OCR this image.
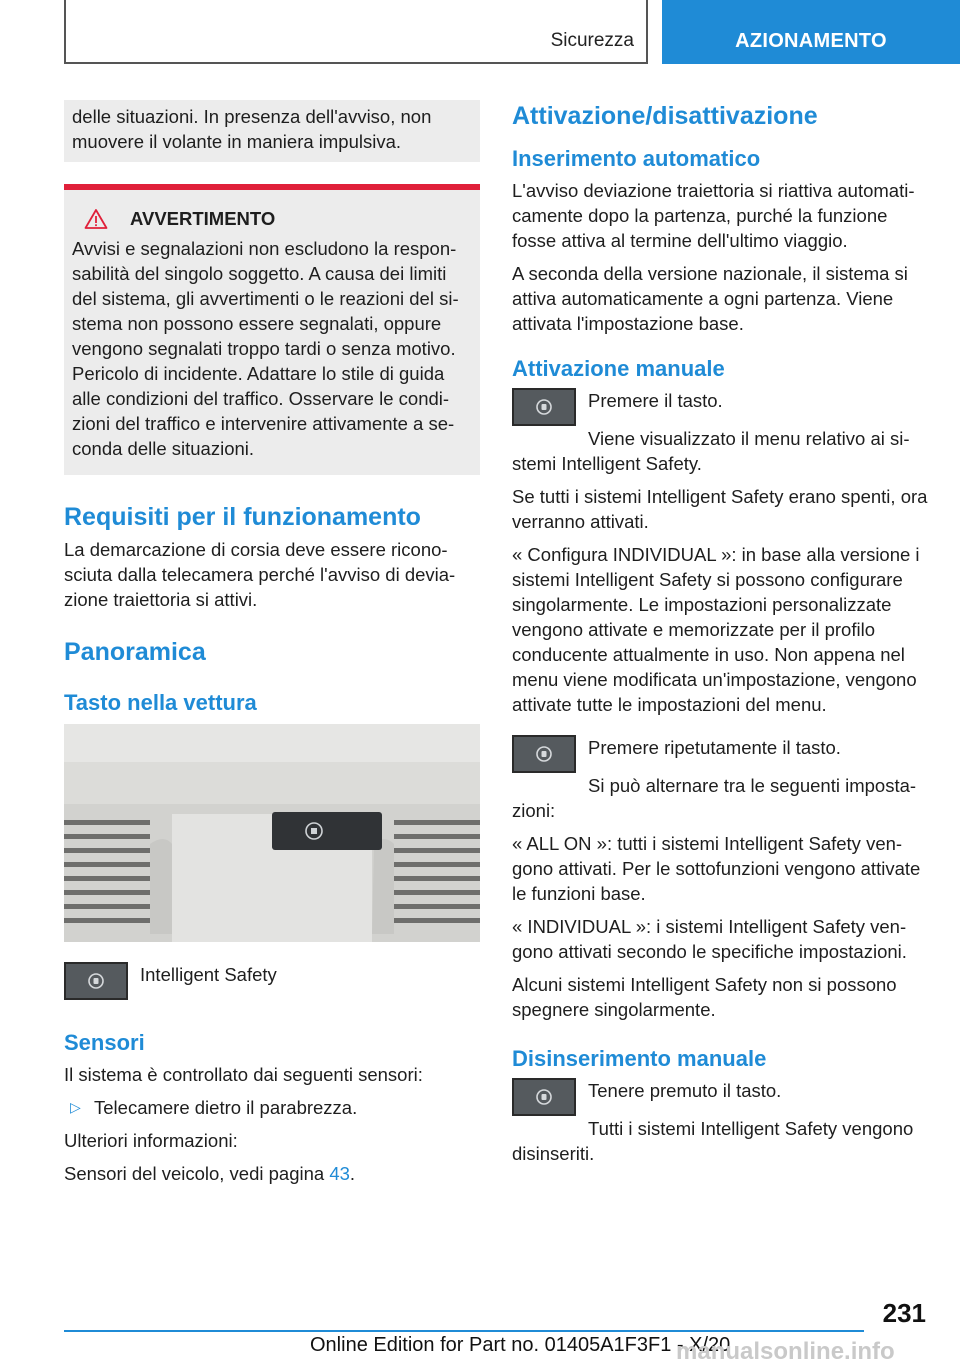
Sicurezza	AZIONAMENTO

delle situazioni. In presenza dell'avviso, non muovere il volante in maniera impulsiva.

AVVERTIMENTO

Avvisi e segnalazioni non escludono la responsabilità del singolo soggetto. A causa dei limiti del sistema, gli avvertimenti o le reazioni del sistema non possono essere segnalati, oppure vengono segnalati troppo tardi o senza motivo. Pericolo di incidente. Adattare lo stile di guida alle condizioni del traffico. Osservare le condizioni del traffico e intervenire attivamente a seconda delle situazioni.

Requisiti per il funzionamento

La demarcazione di corsia deve essere riconosciuta dalla telecamera perché l'avviso di deviazione traiettoria si attivi.

Panoramica
Tasto nella vettura

Intelligent Safety

Sensori

Il sistema è controllato dai seguenti sensori:

▷ Telecamere dietro il parabrezza.

Ulteriori informazioni:

Sensori del veicolo, vedi pagina 43.

Attivazione/disattivazione
Inserimento automatico

L'avviso deviazione traiettoria si riattiva automaticamente dopo la partenza, purché la funzione fosse attiva al termine dell'ultimo viaggio.

A seconda della versione nazionale, il sistema si attiva automaticamente a ogni partenza. Viene attivata l'impostazione base.

Attivazione manuale

Premere il tasto.

Viene visualizzato il menu relativo ai sistemi Intelligent Safety.

Se tutti i sistemi Intelligent Safety erano spenti, ora verranno attivati.

« Configura INDIVIDUAL »: in base alla versione i sistemi Intelligent Safety si possono configurare singolarmente. Le impostazioni personalizzate vengono attivate e memorizzate per il profilo conducente attualmente in uso. Non appena nel menu viene modificata un'impostazione, vengono attivate tutte le impostazioni del menu.

Premere ripetutamente il tasto.

Si può alternare tra le seguenti impostazioni:

« ALL ON »: tutti i sistemi Intelligent Safety vengono attivati. Per le sottofunzioni vengono attivate le funzioni base.

« INDIVIDUAL »: i sistemi Intelligent Safety vengono attivati secondo le specifiche impostazioni.

Alcuni sistemi Intelligent Safety non si possono spegnere singolarmente.

Disinserimento manuale

Tenere premuto il tasto.

Tutti i sistemi Intelligent Safety vengono disinseriti.

231
Online Edition for Part no. 01405A1F3F1 - X/20
manualsonline.info
